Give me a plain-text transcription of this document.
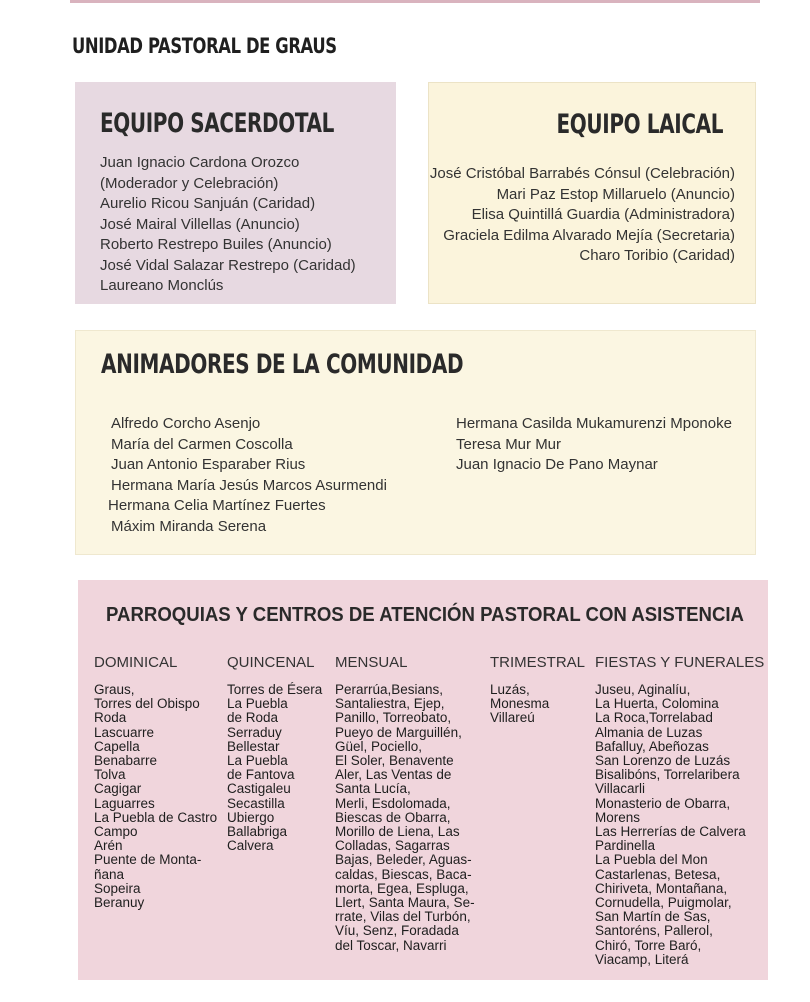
UNIDAD PASTORAL DE GRAUS
EQUIPO SACERDOTAL
Juan Ignacio Cardona Orozco
(Moderador y Celebración)
Aurelio Ricou Sanjuán (Caridad)
José Mairal Villellas (Anuncio)
Roberto Restrepo Builes (Anuncio)
José Vidal Salazar Restrepo (Caridad)
Laureano Monclús
EQUIPO LAICAL
José Cristóbal Barrabés Cónsul (Celebración)
Mari Paz Estop Millaruelo (Anuncio)
Elisa Quintillá Guardia (Administradora)
Graciela Edilma Alvarado Mejía (Secretaria)
Charo Toribio (Caridad)
ANIMADORES DE LA COMUNIDAD
Alfredo Corcho Asenjo
María del Carmen Coscolla
Juan Antonio Esparaber Rius
Hermana María Jesús Marcos Asurmendi
Hermana Celia Martínez Fuertes
Máxim Miranda Serena
Hermana Casilda Mukamurenzi Mponoke
Teresa Mur Mur
Juan Ignacio De Pano Maynar
PARROQUIAS Y CENTROS DE ATENCIÓN PASTORAL CON ASISTENCIA
DOMINICAL
Graus,
Torres del Obispo
Roda
Lascuarre
Capella
Benabarre
Tolva
Cagigar
Laguarres
La Puebla de Castro
Campo
Arén
Puente de Monta-
ñana
Sopeira
Beranuy
QUINCENAL
Torres de Ésera
La Puebla
de Roda
Serraduy
Bellestar
La Puebla
de Fantova
Castigaleu
Secastilla
Ubiergo
Ballabriga
Calvera
MENSUAL
Perarrúa,Besians,
Santaliestra, Ejep,
Panillo, Torreobato,
Pueyo de Marguillén,
Güel, Pociello,
El Soler, Benavente
Aler, Las Ventas de
Santa Lucía,
Merli, Esdolomada,
Biescas de Obarra,
Morillo de Liena, Las
Colladas, Sagarras
Bajas, Beleder, Aguas-
caldas, Biescas, Baca-
morta, Egea, Espluga,
Llert, Santa Maura, Se-
rrate, Vilas del Turbón,
Víu, Senz, Foradada
del Toscar, Navarri
TRIMESTRAL
Luzás,
Monesma
Villareú
FIESTAS Y FUNERALES
Juseu, Aginalíu,
La Huerta, Colomina
La Roca,Torrelabad
Almania de Luzas
Bafalluy, Abeñozas
San Lorenzo de Luzás
Bisalibóns, Torrelaribera
Villacarli
Monasterio de Obarra,
Morens
Las Herrerías de Calvera
Pardinella
La Puebla del Mon
Castarlenas, Betesa,
Chiriveta, Montañana,
Cornudella, Puigmolar,
San Martín de Sas,
Santoréns, Pallerol,
Chiró, Torre Baró,
Viacamp, Literá
